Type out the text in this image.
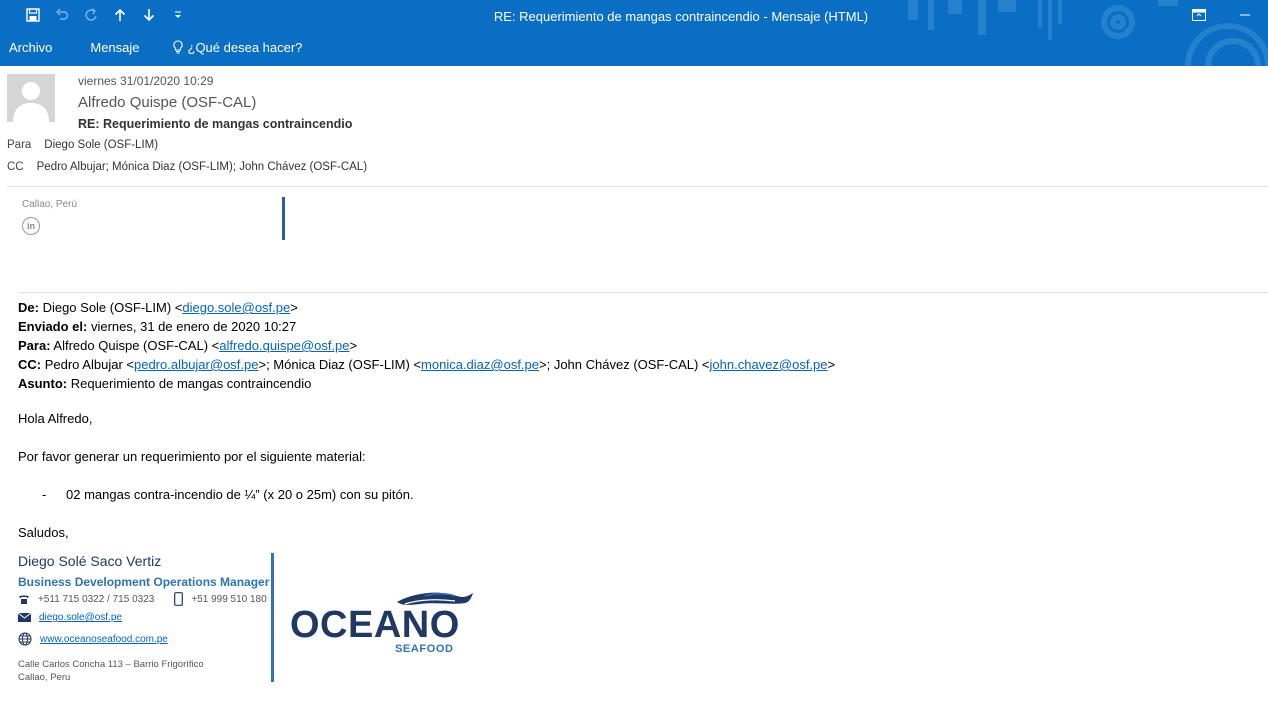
RE: Requerimiento de mangas contraincendio - Mensaje (HTML)
Archivo	Mensaje	¿Qué desea hacer?
viernes 31/01/2020 10:29
Alfredo Quispe (OSF-CAL)
RE: Requerimiento de mangas contraincendio
Para Diego Sole (OSF-LIM)
CC Pedro Albujar; Mónica Diaz (OSF-LIM); John Chávez (OSF-CAL)
Callao, Perú
in
De: Diego Sole (OSF-LIM) <diego.sole@osf.pe>
Enviado el: viernes, 31 de enero de 2020 10:27
Para: Alfredo Quispe (OSF-CAL) <alfredo.quispe@osf.pe>
CC: Pedro Albujar <pedro.albujar@osf.pe>; Mónica Diaz (OSF-LIM) <monica.diaz@osf.pe>; John Chávez (OSF-CAL) <john.chavez@osf.pe>
Asunto: Requerimiento de mangas contraincendio
Hola Alfredo,
Por favor generar un requerimiento por el siguiente material:
- 02 mangas contra-incendio de ¼” (x 20 o 25m) con su pitón.
Saludos,
Diego Solé Saco Vertiz
Business Development Operations Manager
+511 715 0322 / 715 0323	+51 999 510 180
diego.sole@osf.pe
www.oceanoseafood.com.pe
Calle Carlos Concha 113 – Barrio Frigorífico
Callao, Peru
OCEANO
SEAFOOD
